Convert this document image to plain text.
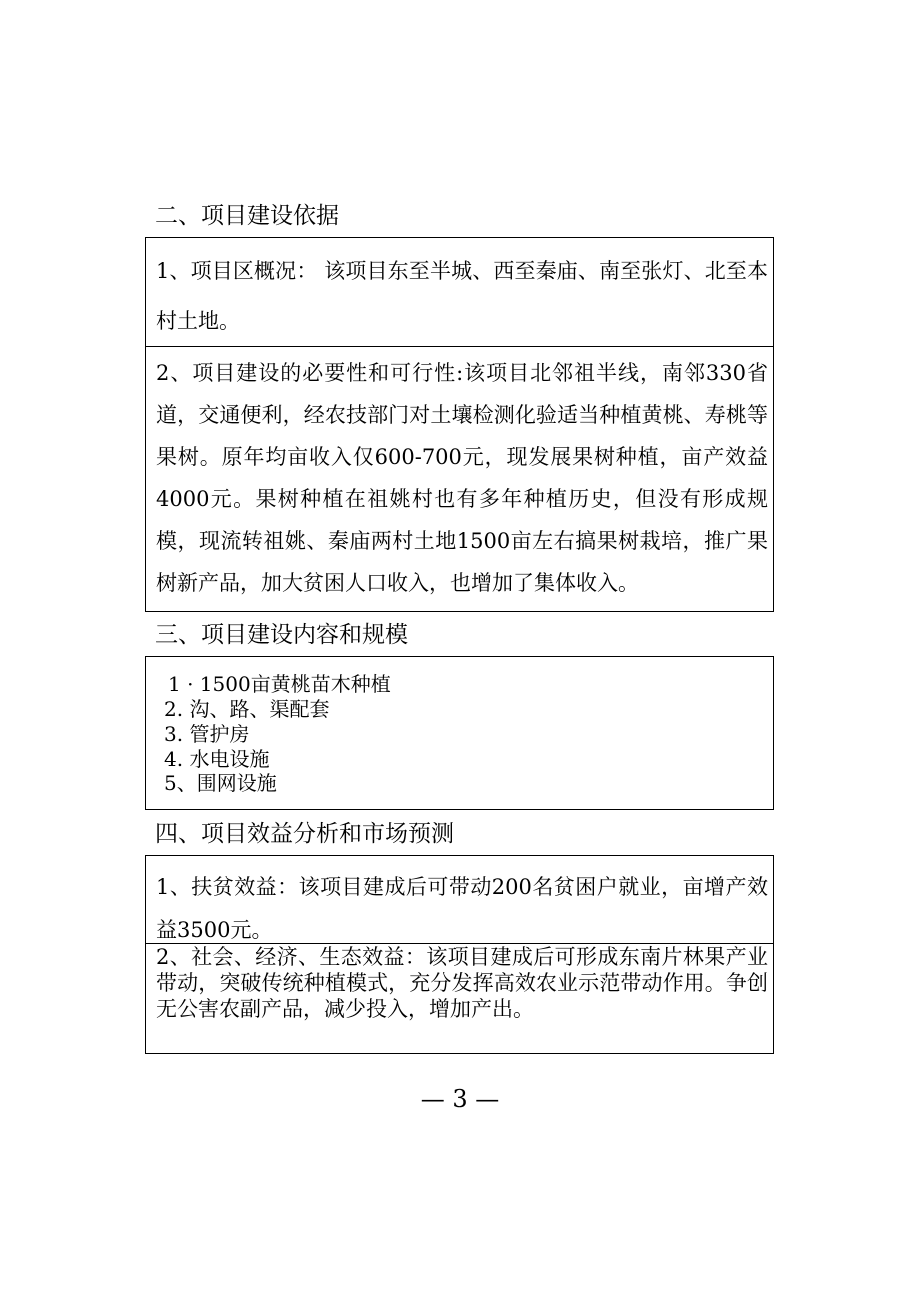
二、项目建设依据
1、项目区概况： 该项目东至半城、西至秦庙、南至张灯、北至本村土地。
2、项目建设的必要性和可行性:该项目北邻祖半线，南邻330省道，交通便利，经农技部门对土壤检测化验适当种植黄桃、寿桃等果树。原年均亩收入仅600-700元，现发展果树种植，亩产效益4000元。果树种植在祖姚村也有多年种植历史，但没有形成规模，现流转祖姚、秦庙两村土地1500亩左右搞果树栽培，推广果树新产品，加大贫困人口收入，也增加了集体收入。
三、项目建设内容和规模
1 · 1500亩黄桃苗木种植
2. 沟、路、渠配套
3. 管护房
4. 水电设施
5、围网设施
四、项目效益分析和市场预测
1、扶贫效益：该项目建成后可带动200名贫困户就业，亩增产效益3500元。
2、社会、经济、生态效益：该项目建成后可形成东南片林果产业带动，突破传统种植模式，充分发挥高效农业示范带动作用。争创无公害农副产品，减少投入，增加产出。
— 3 —
